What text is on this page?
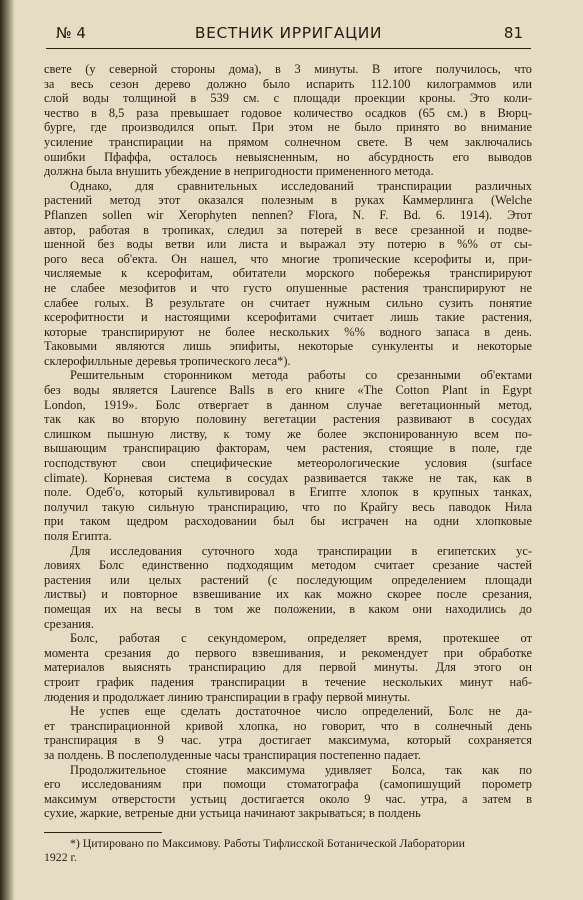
№ 4	ВЕСТНИК ИРРИГАЦИИ	81
свете (у северной стороны дома), в 3 минуты. В итоге получилось, что
за весь сезон дерево должно было испарить 112.100 килограммов или
слой воды толщиной в 539 см. с площади проекции кроны. Это коли-
чество в 8,5 раза превышает годовое количество осадков (65 см.) в Вюрц-
бурге, где производился опыт. При этом не было принято во внимание
усиление транспирации на прямом солнечном свете. В чем заключались
ошибки Пфаффа, осталось невыясненным, но абсурдность его выводов
должна была внушить убеждение в непригодности примененного метода.
Однако, для сравнительных исследований транспирации различных
растений метод этот оказался полезным в руках Каммерлинга (Welche
Pflanzen sollen wir Xerophyten nennen? Flora, N. F. Bd. 6. 1914). Этот
автор, работая в тропиках, следил за потерей в весе срезанной и подве-
шенной без воды ветви или листа и выражал эту потерю в %% от сы-
рого веса об'екта. Он нашел, что многие тропические ксерофиты и, при-
числяемые к ксерофитам, обитатели морского побережья транспирируют
не слабее мезофитов и что густо опушенные растения транспирируют не
слабее голых. В результате он считает нужным сильно сузить понятие
ксерофитности и настоящими ксерофитами считает лишь такие растения,
которые транспирируют не более нескольких %% водного запаса в день.
Таковыми являются лишь эпифиты, некоторые сункуленты и некоторые
склерофилльные деревья тропического леса*).
Решительным сторонником метода работы со срезанными об'ектами
без воды является Laurence Balls в его книге «The Cotton Plant in Egypt
London, 1919». Болс отвергает в данном случае вегетационный метод,
так как во вторую половину вегетации растения развивают в сосудах
слишком пышную листву, к тому же более экспонированную всем по-
вышающим транспирацию факторам, чем растения, стоящие в поле, где
господствуют свои специфические метеорологические условия (surface
climate). Корневая система в сосудах развивается также не так, как в
поле. Одеб'о, который культивировал в Египте хлопок в крупных танках,
получил такую сильную транспирацию, что по Крайгу весь паводок Нила
при таком щедром расходовании был бы исграчен на одни хлопковые
поля Египта.
Для исследования суточного хода транспирации в египетских ус-
ловиях Болс единственно подходящим методом считает срезание частей
растения или целых растений (с последующим определением площади
листвы) и повторное взвешивание их как можно скорее после срезания,
помещая их на весы в том же положении, в каком они находились до
срезания.
Болс, работая с секундомером, определяет время, протекшее от
момента срезания до первого взвешивания, и рекомендует при обработке
материалов выяснять транспирацию для первой минуты. Для этого он
строит график падения транспирации в течение нескольких минут наб-
людения и продолжает линию транспирации в графу первой минуты.
Не успев еще сделать достаточное число определений, Болс не да-
ет транспирационной кривой хлопка, но говорит, что в солнечный день
транспирация в 9 час. утра достигает максимума, который сохраняется
за полдень. В послеполуденные часы транспирация постепенно падает.
Продолжительное стояние максимума удивляет Болса, так как по
его исследованиям при помощи стоматографа (самопишущий порометр
максимум отверстости устьиц достигается около 9 час. утра, а затем в
сухие, жаркие, ветреные дни устьица начинают закрываться; в полдень
*) Цитировано по Максимову. Работы Тифлисской Ботанической Лаборатории
1922 г.
